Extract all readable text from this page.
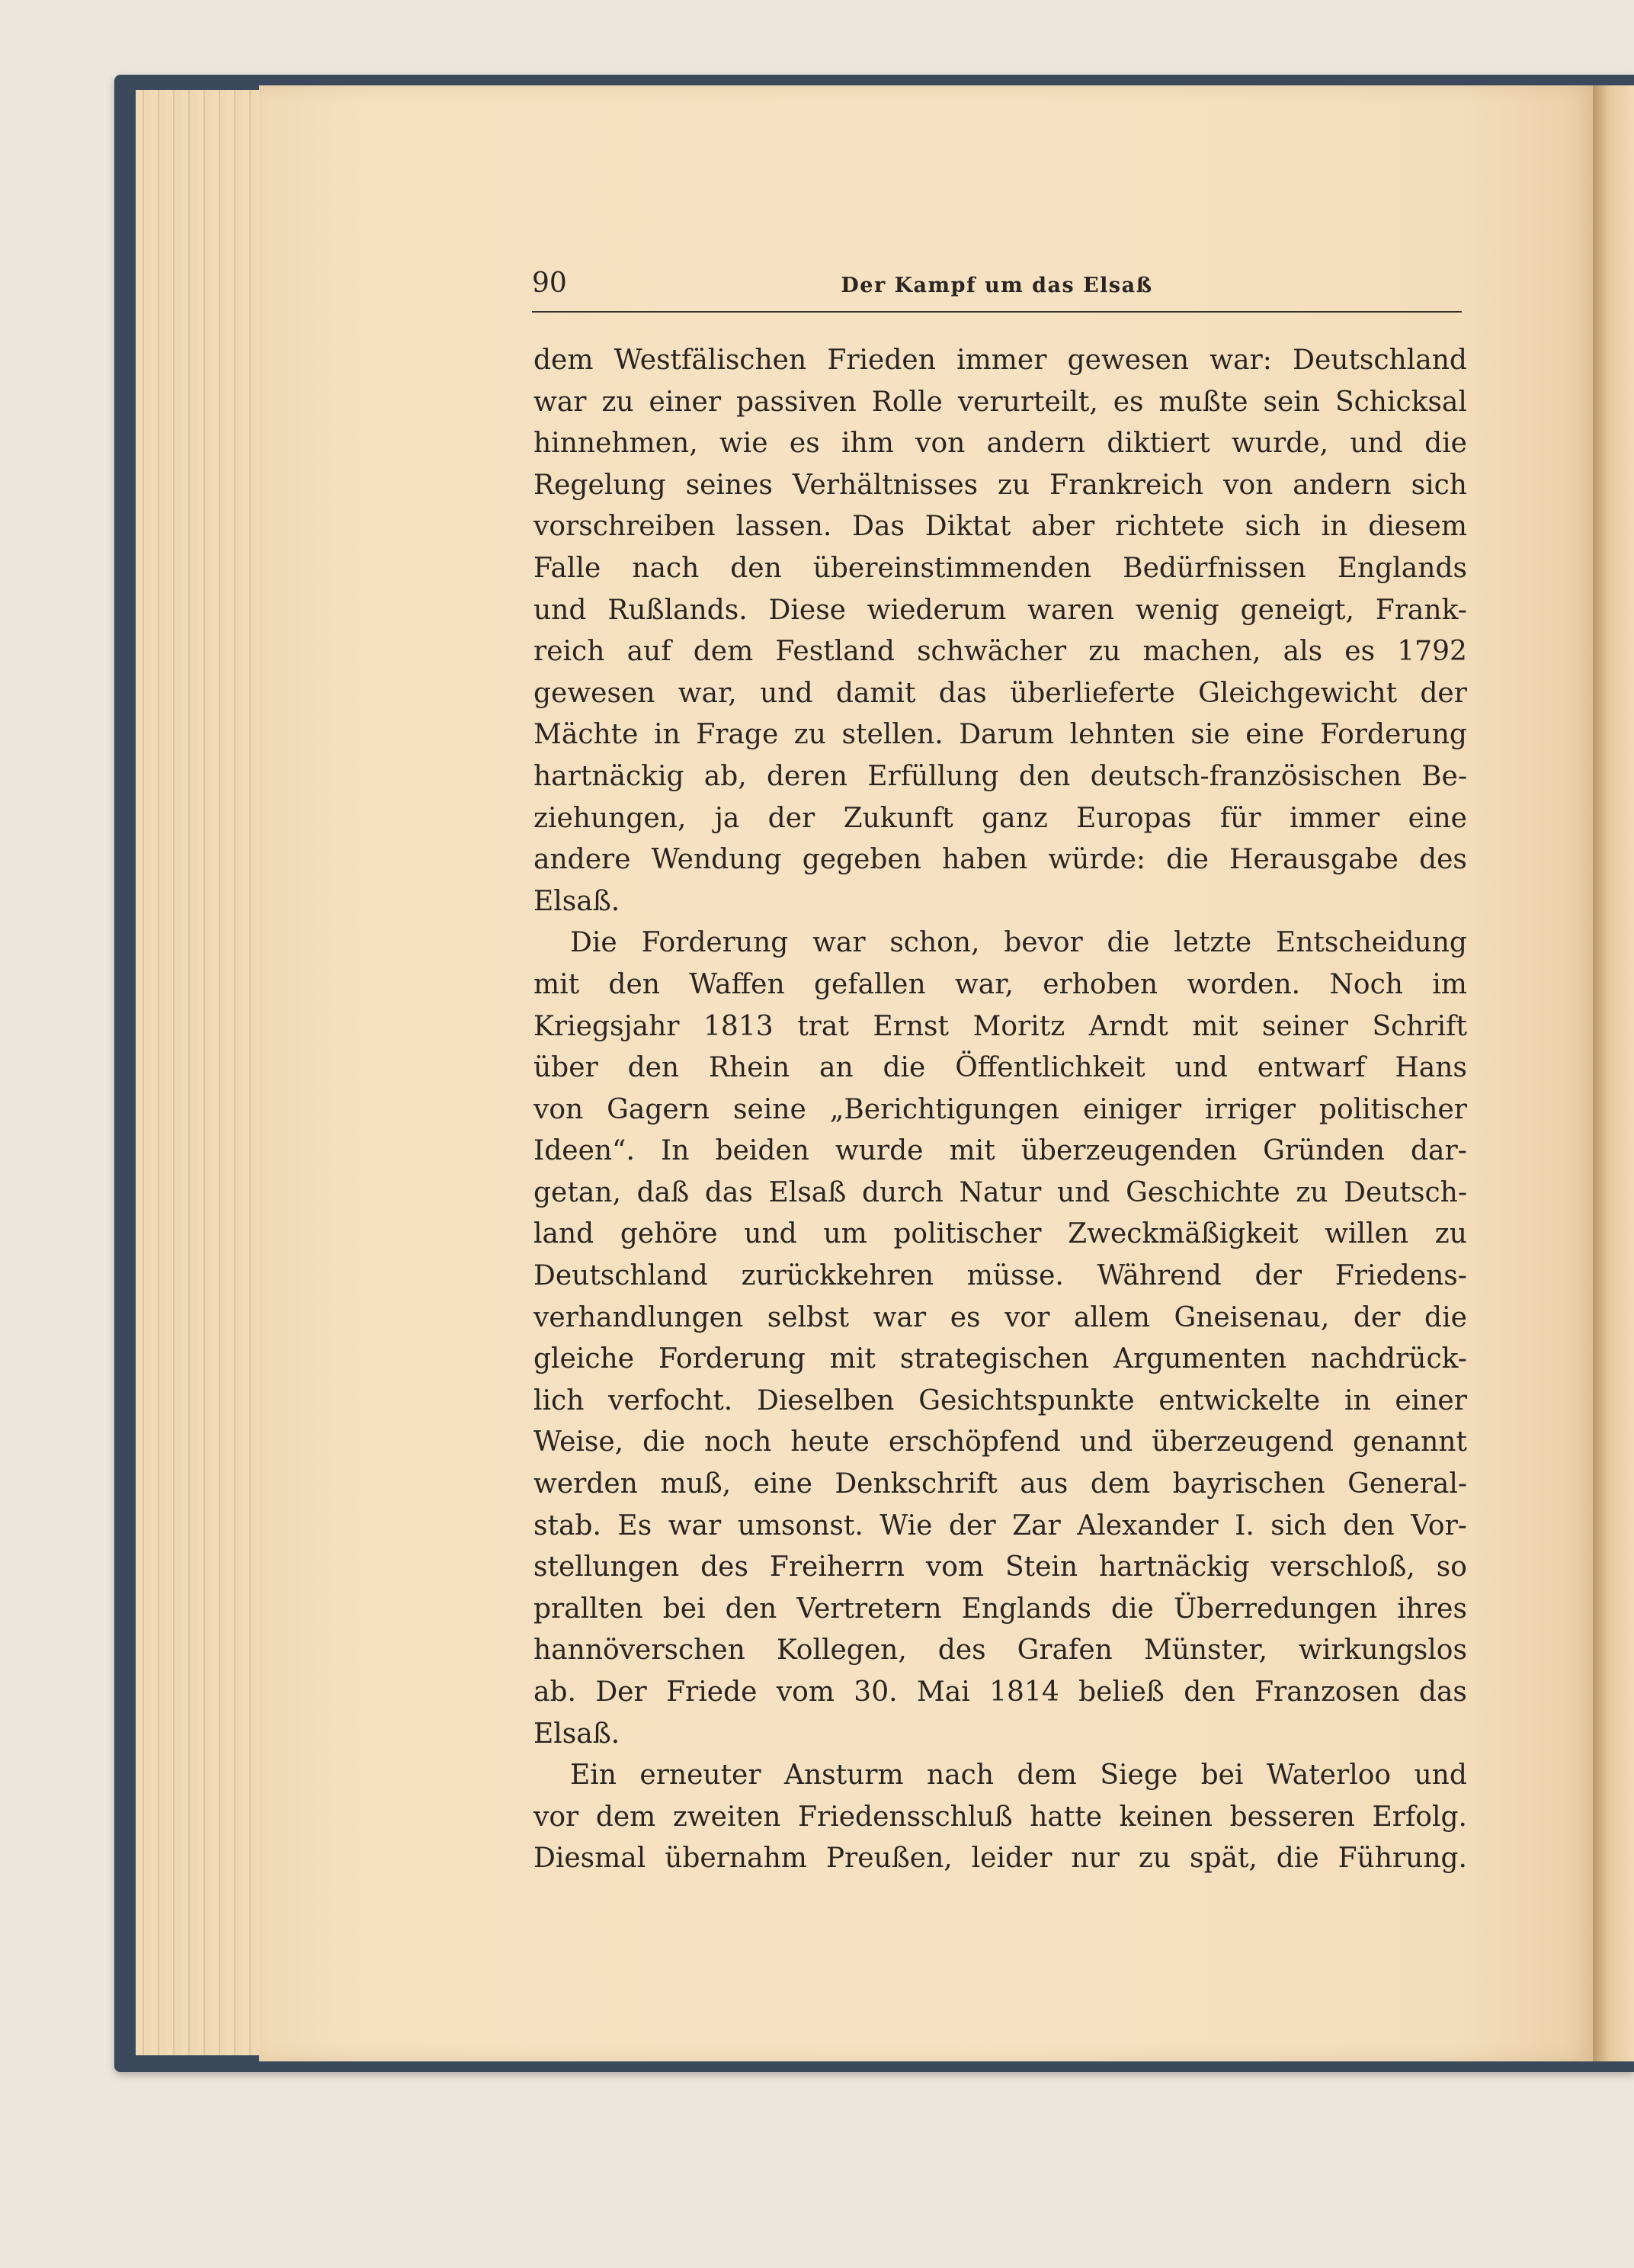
90	Der Kampf um das Elsaß
dem Westfälischen Frieden immer gewesen war: Deutschland
war zu einer passiven Rolle verurteilt, es mußte sein Schicksal
hinnehmen, wie es ihm von andern diktiert wurde, und die
Regelung seines Verhältnisses zu Frankreich von andern sich
vorschreiben lassen. Das Diktat aber richtete sich in diesem
Falle nach den übereinstimmenden Bedürfnissen Englands
und Rußlands. Diese wiederum waren wenig geneigt, Frank-
reich auf dem Festland schwächer zu machen, als es 1792
gewesen war, und damit das überlieferte Gleichgewicht der
Mächte in Frage zu stellen. Darum lehnten sie eine Forderung
hartnäckig ab, deren Erfüllung den deutsch-französischen Be-
ziehungen, ja der Zukunft ganz Europas für immer eine
andere Wendung gegeben haben würde: die Herausgabe des
Elsaß.
Die Forderung war schon, bevor die letzte Entscheidung
mit den Waffen gefallen war, erhoben worden. Noch im
Kriegsjahr 1813 trat Ernst Moritz Arndt mit seiner Schrift
über den Rhein an die Öffentlichkeit und entwarf Hans
von Gagern seine „Berichtigungen einiger irriger politischer
Ideen“. In beiden wurde mit überzeugenden Gründen dar-
getan, daß das Elsaß durch Natur und Geschichte zu Deutsch-
land gehöre und um politischer Zweckmäßigkeit willen zu
Deutschland zurückkehren müsse. Während der Friedens-
verhandlungen selbst war es vor allem Gneisenau, der die
gleiche Forderung mit strategischen Argumenten nachdrück-
lich verfocht. Dieselben Gesichtspunkte entwickelte in einer
Weise, die noch heute erschöpfend und überzeugend genannt
werden muß, eine Denkschrift aus dem bayrischen General-
stab. Es war umsonst. Wie der Zar Alexander I. sich den Vor-
stellungen des Freiherrn vom Stein hartnäckig verschloß, so
prallten bei den Vertretern Englands die Überredungen ihres
hannöverschen Kollegen, des Grafen Münster, wirkungslos
ab. Der Friede vom 30. Mai 1814 beließ den Franzosen das
Elsaß.
Ein erneuter Ansturm nach dem Siege bei Waterloo und
vor dem zweiten Friedensschluß hatte keinen besseren Erfolg.
Diesmal übernahm Preußen, leider nur zu spät, die Führung.
